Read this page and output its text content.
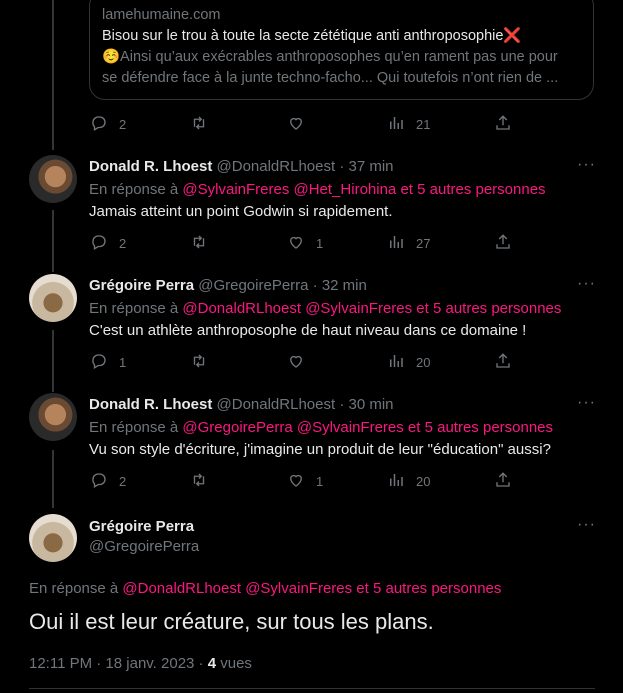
lamehumaine.com
Bisou sur le trou à toute la secte zététique anti anthroposophie❌
☺️Ainsi qu’aux exécrables anthroposophes qu’en rament pas une pour
se défendre face à la junte techno-facho... Qui toutefois n’ont rien de ...
2	21
Donald R. Lhoest @DonaldRLhoest · 37 min	···
En réponse à @SylvainFreres @Het_Hirohina et 5 autres personnes
Jamais atteint un point Godwin si rapidement.
2	1	27
Grégoire Perra @GregoirePerra · 32 min	···
En réponse à @DonaldRLhoest @SylvainFreres et 5 autres personnes
C'est un athlète anthroposophe de haut niveau dans ce domaine !
1	20
Donald R. Lhoest @DonaldRLhoest · 30 min	···
En réponse à @GregoirePerra @SylvainFreres et 5 autres personnes
Vu son style d'écriture, j'imagine un produit de leur "éducation" aussi?
2	1	20
Grégoire Perra
@GregoirePerra
···
En réponse à @DonaldRLhoest @SylvainFreres et 5 autres personnes
Oui il est leur créature, sur tous les plans.
12:11 PM · 18 janv. 2023 · 4 vues
